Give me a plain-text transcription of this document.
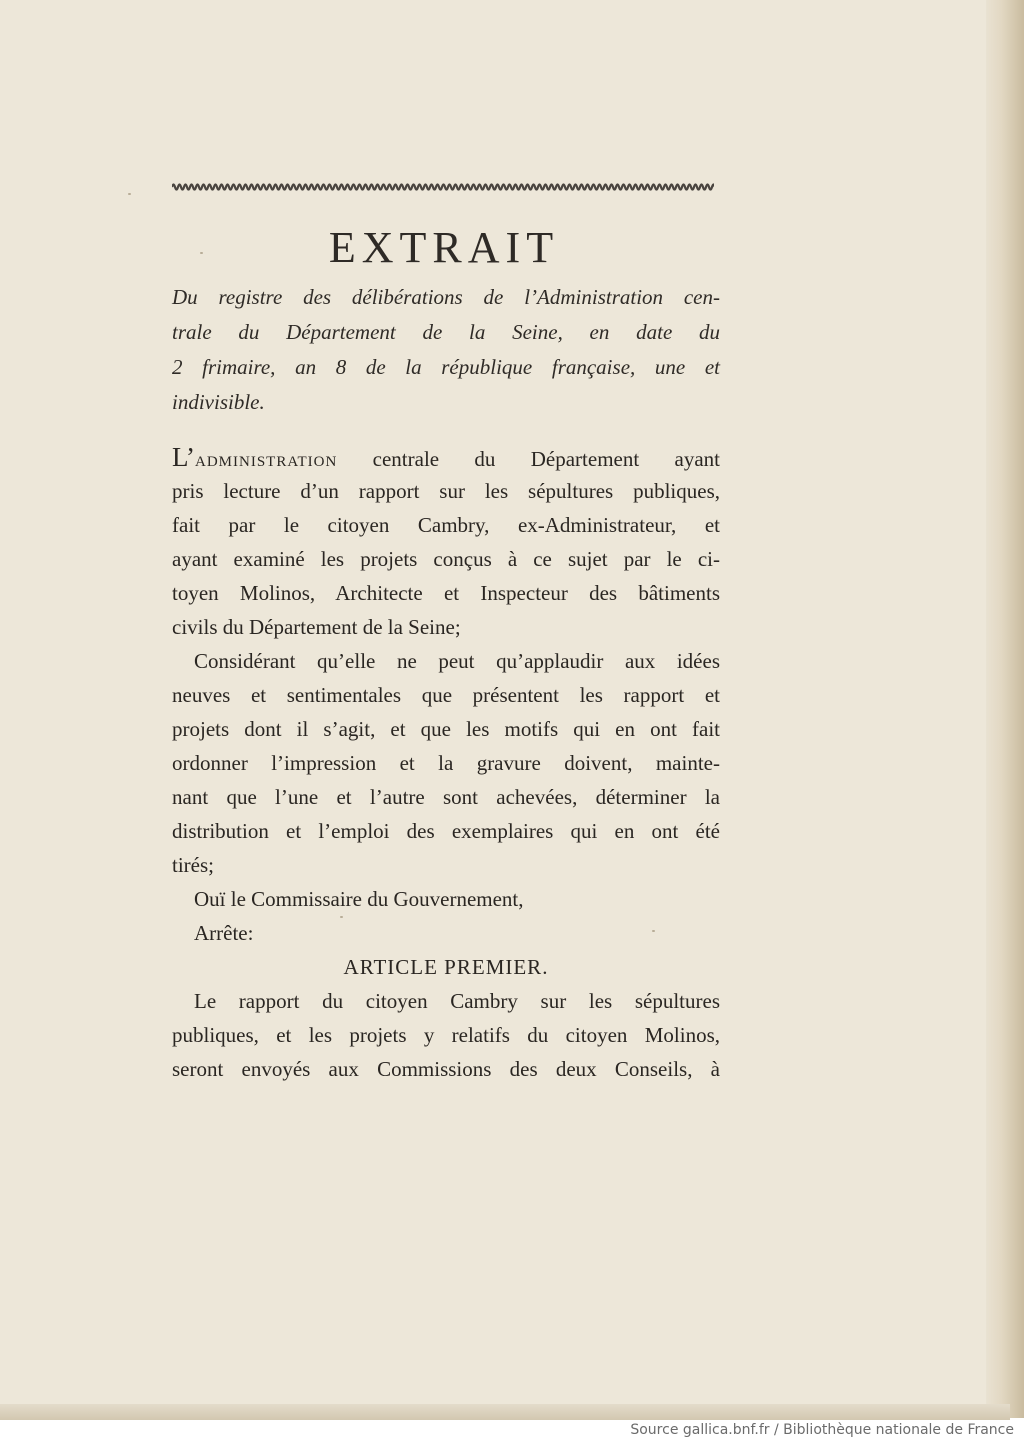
EXTRAIT
Du registre des délibérations de l’Administration cen-
trale du Département de la Seine, en date du
2 frimaire, an 8 de la république française, une et
indivisible.
L’administration centrale du Département ayant
pris lecture d’un rapport sur les sépultures publiques,
fait par le citoyen Cambry, ex-Administrateur, et
ayant examiné les projets conçus à ce sujet par le ci-
toyen Molinos, Architecte et Inspecteur des bâtiments
civils du Département de la Seine;
Considérant qu’elle ne peut qu’applaudir aux idées
neuves et sentimentales que présentent les rapport et
projets dont il s’agit, et que les motifs qui en ont fait
ordonner l’impression et la gravure doivent, mainte-
nant que l’une et l’autre sont achevées, déterminer la
distribution et l’emploi des exemplaires qui en ont été
tirés;
Ouï le Commissaire du Gouvernement,
Arrête:
ARTICLE PREMIER.
Le rapport du citoyen Cambry sur les sépultures
publiques, et les projets y relatifs du citoyen Molinos,
seront envoyés aux Commissions des deux Conseils, à
Source gallica.bnf.fr / Bibliothèque nationale de France
